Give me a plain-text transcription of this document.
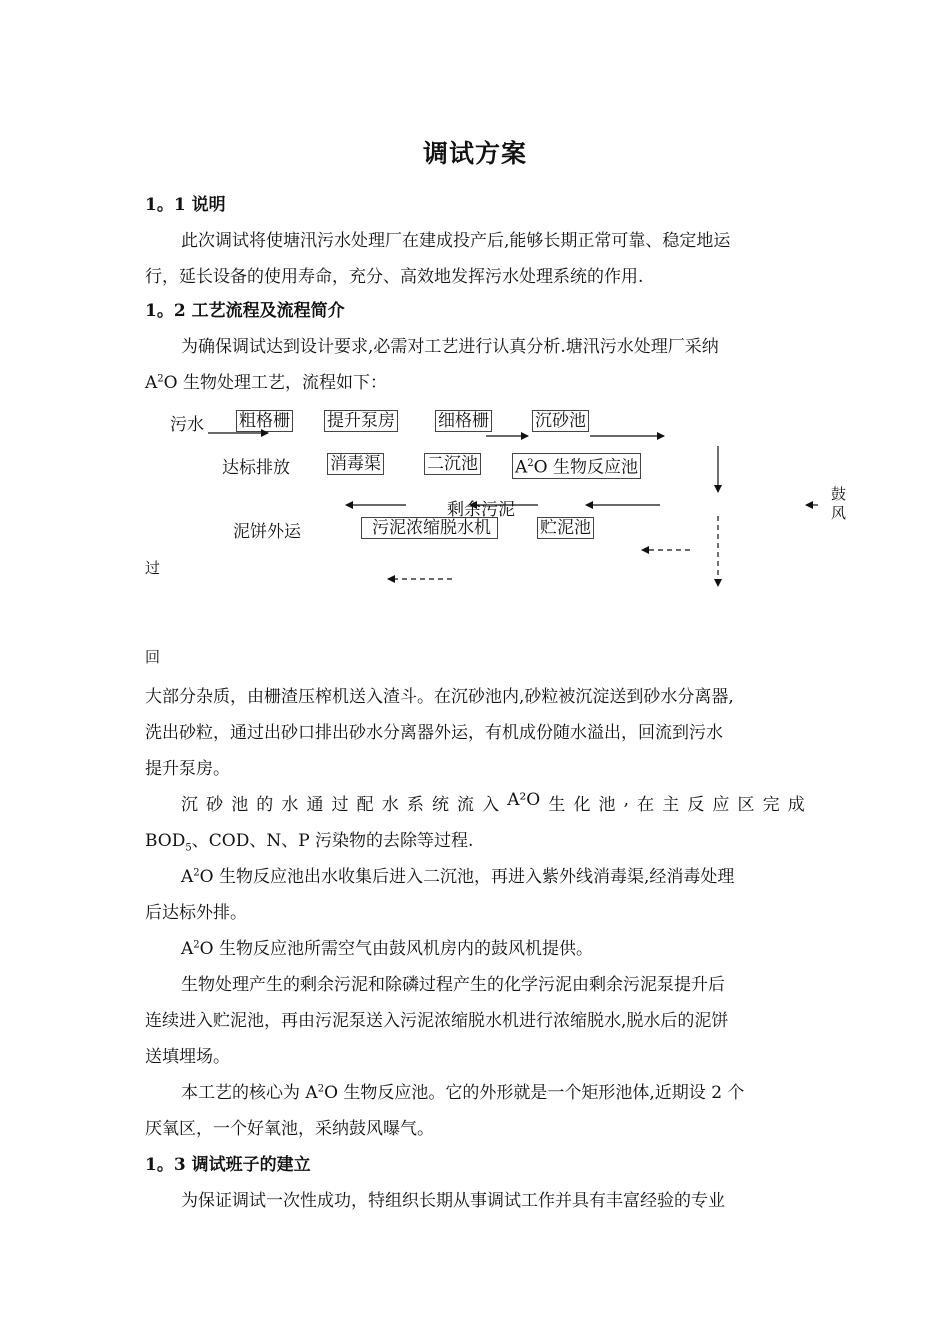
调试方案
1。1 说明
此次调试将使塘汛污水处理厂在建成投产后,能够长期正常可靠、稳定地运
行，延长设备的使用寿命，充分、高效地发挥污水处理系统的作用.
1。2 工艺流程及流程简介
为确保调试达到设计要求,必需对工艺进行认真分析.塘汛污水处理厂采纳
$A^2O$ 生物处理工艺，流程如下：
污水 粗格栅 提升泵房	细格栅	沉砂池
达标排放 消毒渠	二沉池 $A^2O$ 生物反应池
剩余污泥
鼓
风
泥饼外运	污泥浓缩脱水机	贮泥池
过
回
大部分杂质，由栅渣压榨机送入渣斗。在沉砂池内,砂粒被沉淀送到砂水分离器,
洗出砂粒，通过出砂口排出砂水分离器外运，有机成份随水溢出，回流到污水
提升泵房。
沉 砂 池 的 水 通 过 配 水 系 统 流 入 A²O 生 化 池 , 在 主 反 应 区 完 成
$BOD_5$、COD、N、P 污染物的去除等过程.
$A^2O$ 生物反应池出水收集后进入二沉池，再进入紫外线消毒渠,经消毒处理
后达标外排。
$A^2O$ 生物反应池所需空气由鼓风机房内的鼓风机提供。
生物处理产生的剩余污泥和除磷过程产生的化学污泥由剩余污泥泵提升后
连续进入贮泥池，再由污泥泵送入污泥浓缩脱水机进行浓缩脱水,脱水后的泥饼
送填埋场。
本工艺的核心为 $A^2O$ 生物反应池。它的外形就是一个矩形池体,近期设 2 个
厌氧区，一个好氧池，采纳鼓风曝气。
1。3 调试班子的建立
为保证调试一次性成功，特组织长期从事调试工作并具有丰富经验的专业
